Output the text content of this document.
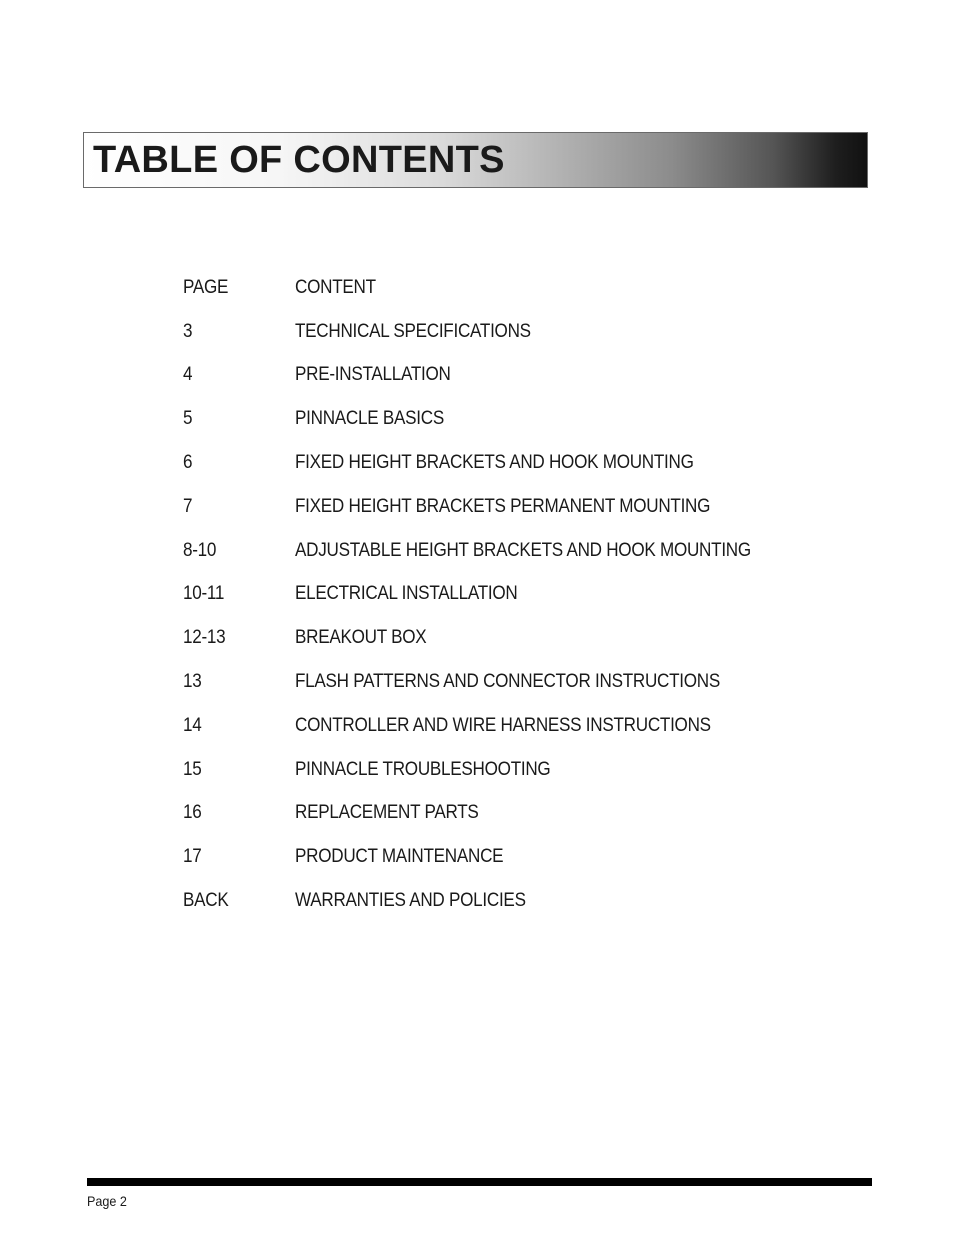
TABLE OF CONTENTS
PAGE	CONTENT
3	TECHNICAL SPECIFICATIONS
4	PRE-INSTALLATION
5	PINNACLE BASICS
6	FIXED HEIGHT BRACKETS AND HOOK MOUNTING
7	FIXED HEIGHT BRACKETS PERMANENT MOUNTING
8-10	ADJUSTABLE HEIGHT BRACKETS AND HOOK MOUNTING
10-11	ELECTRICAL INSTALLATION
12-13	BREAKOUT BOX
13	FLASH PATTERNS AND CONNECTOR INSTRUCTIONS
14	CONTROLLER AND WIRE HARNESS INSTRUCTIONS
15	PINNACLE TROUBLESHOOTING
16	REPLACEMENT PARTS
17	PRODUCT MAINTENANCE
BACK	WARRANTIES AND POLICIES
Page 2
